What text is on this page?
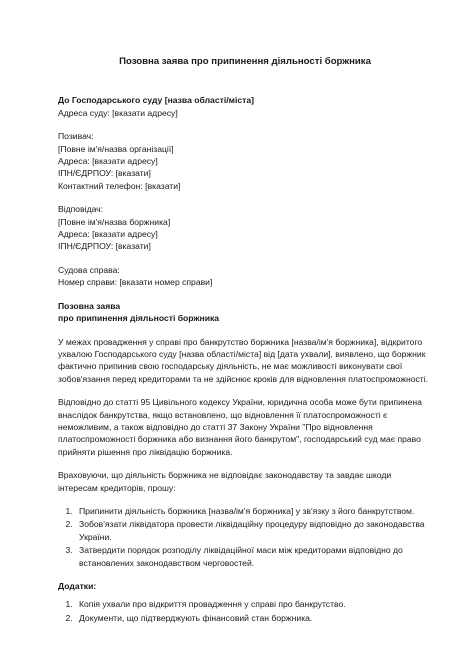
Позовна заява про припинення діяльності боржника
До Господарського суду [назва області/міста]
Адреса суду: [вказати адресу]
Позивач:
[Повне ім'я/назва організації]
Адреса: [вказати адресу]
ІПН/ЄДРПОУ: [вказати]
Контактний телефон: [вказати]
Відповідач:
[Повне ім'я/назва боржника]
Адреса: [вказати адресу]
ІПН/ЄДРПОУ: [вказати]
Судова справа:
Номер справи: [вказати номер справи]
Позовна заява
про припинення діяльності боржника

У межах провадження у справі про банкрутство боржника [назва/ім'я боржника], відкритого ухвалою Господарського суду [назва області/міста] від [дата ухвали], виявлено, що боржник фактично припинив свою господарську діяльність, не має можливості виконувати свої зобов'язання перед кредиторами та не здійснює кроків для відновлення платоспроможності.

Відповідно до статті 95 Цивільного кодексу України, юридична особа може бути припинена внаслідок банкрутства, якщо встановлено, що відновлення її платоспроможності є неможливим, а також відповідно до статті 37 Закону України "Про відновлення платоспроможності боржника або визнання його банкрутом", господарський суд має право прийняти рішення про ліквідацію боржника.

Враховуючи, що діяльність боржника не відповідає законодавству та завдає шкоди інтересам кредиторів, прошу:

1. Припинити діяльність боржника [назва/ім'я боржника] у зв'язку з його банкрутством.
2. Зобов'язати ліквідатора провести ліквідаційну процедуру відповідно до законодавства України.
3. Затвердити порядок розподілу ліквідаційної маси між кредиторами відповідно до встановлених законодавством черговостей.
Додатки:
1. Копія ухвали про відкриття провадження у справі про банкрутство.
2. Документи, що підтверджують фінансовий стан боржника.
